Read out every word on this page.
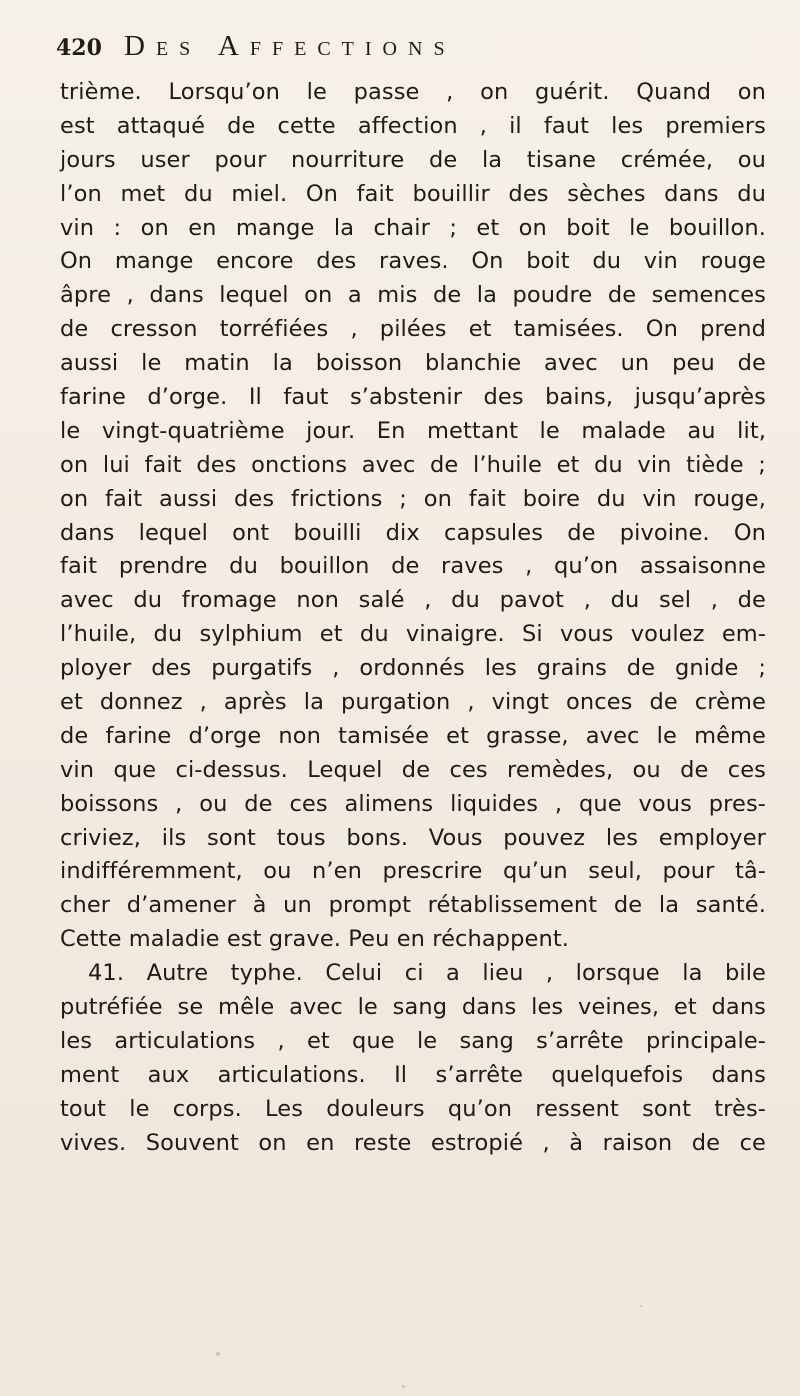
420 Des Affections
trième. Lorsqu’on le passe , on guérit. Quand on
est attaqué de cette affection , il faut les premiers
jours user pour nourriture de la tisane crémée, ou
l’on met du miel. On fait bouillir des sèches dans du
vin : on en mange la chair ; et on boit le bouillon.
On mange encore des raves. On boit du vin rouge
âpre , dans lequel on a mis de la poudre de semences
de cresson torréfiées , pilées et tamisées. On prend
aussi le matin la boisson blanchie avec un peu de
farine d’orge. Il faut s’abstenir des bains, jusqu’après
le vingt-quatrième jour. En mettant le malade au lit,
on lui fait des onctions avec de l’huile et du vin tiède ;
on fait aussi des frictions ; on fait boire du vin rouge,
dans lequel ont bouilli dix capsules de pivoine. On
fait prendre du bouillon de raves , qu’on assaisonne
avec du fromage non salé , du pavot , du sel , de
l’huile, du sylphium et du vinaigre. Si vous voulez em-
ployer des purgatifs , ordonnés les grains de gnide ;
et donnez , après la purgation , vingt onces de crème
de farine d’orge non tamisée et grasse, avec le même
vin que ci-dessus. Lequel de ces remèdes, ou de ces
boissons , ou de ces alimens liquides , que vous pres-
criviez, ils sont tous bons. Vous pouvez les employer
indifféremment, ou n’en prescrire qu’un seul, pour tâ-
cher d’amener à un prompt rétablissement de la santé.
Cette maladie est grave. Peu en réchappent.
41. Autre typhe. Celui ci a lieu , lorsque la bile
putréfiée se mêle avec le sang dans les veines, et dans
les articulations , et que le sang s’arrête principale-
ment aux articulations. Il s’arrête quelquefois dans
tout le corps. Les douleurs qu’on ressent sont très-
vives. Souvent on en reste estropié , à raison de ce
